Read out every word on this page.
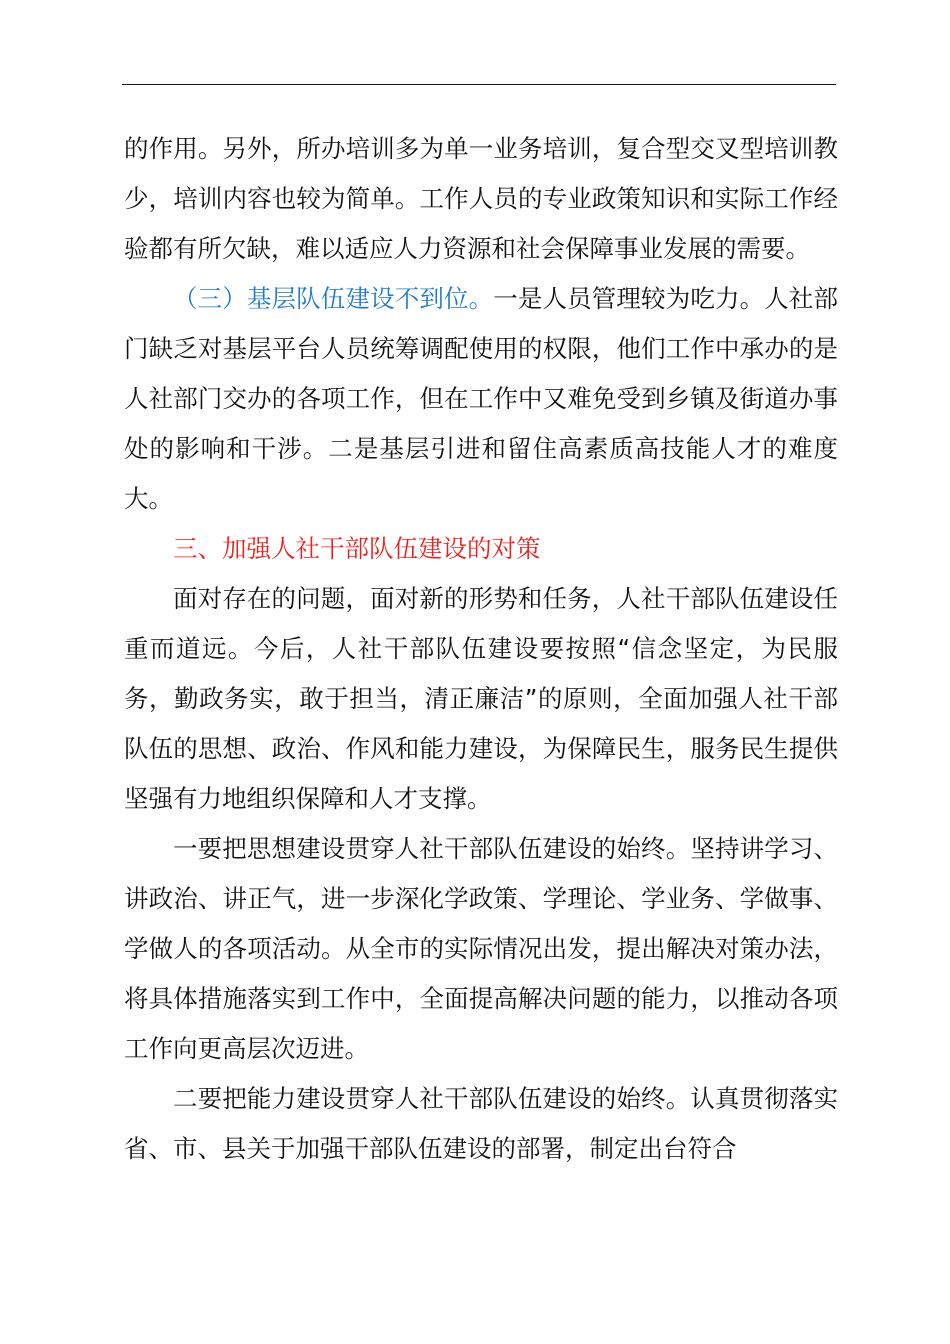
的作用。另外，所办培训多为单一业务培训，复合型交叉型培训教少，培训内容也较为简单。工作人员的专业政策知识和实际工作经验都有所欠缺，难以适应人力资源和社会保障事业发展的需要。

（三）基层队伍建设不到位。一是人员管理较为吃力。人社部门缺乏对基层平台人员统筹调配使用的权限，他们工作中承办的是人社部门交办的各项工作，但在工作中又难免受到乡镇及街道办事处的影响和干涉。二是基层引进和留住高素质高技能人才的难度大。

三、加强人社干部队伍建设的对策

面对存在的问题，面对新的形势和任务，人社干部队伍建设任重而道远。今后，人社干部队伍建设要按照“信念坚定，为民服务，勤政务实，敢于担当，清正廉洁”的原则，全面加强人社干部队伍的思想、政治、作风和能力建设，为保障民生，服务民生提供坚强有力地组织保障和人才支撑。

一要把思想建设贯穿人社干部队伍建设的始终。坚持讲学习、讲政治、讲正气，进一步深化学政策、学理论、学业务、学做事、学做人的各项活动。从全市的实际情况出发，提出解决对策办法，将具体措施落实到工作中，全面提高解决问题的能力，以推动各项工作向更高层次迈进。

二要把能力建设贯穿人社干部队伍建设的始终。认真贯彻落实省、市、县关于加强干部队伍建设的部署，制定出台符合
